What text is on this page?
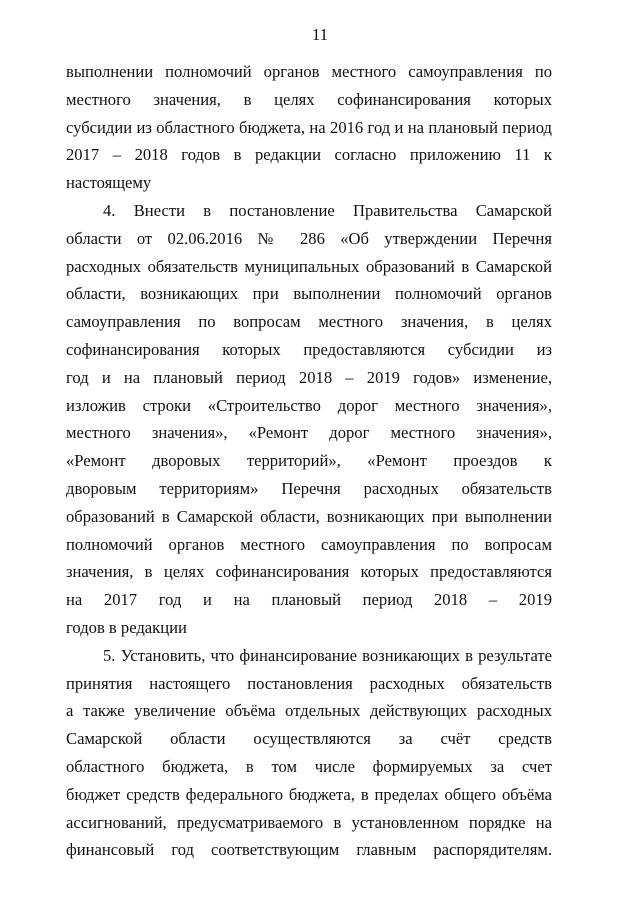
11
выполнении полномочий органов местного самоуправления по
местного значения, в целях софинансирования которых
субсидии из областного бюджета, на 2016 год и на плановый период
2017 – 2018 годов в редакции согласно приложению 11 к
настоящему
4. Внести в постановление Правительства Самарской
области от 02.06.2016 № 286 «Об утверждении Перечня
расходных обязательств муниципальных образований в Самарской
области, возникающих при выполнении полномочий органов
самоуправления по вопросам местного значения, в целях
софинансирования которых предоставляются субсидии из
год и на плановый период 2018 – 2019 годов» изменение,
изложив строки «Строительство дорог местного значения»,
местного значения», «Ремонт дорог местного значения»,
«Ремонт дворовых территорий», «Ремонт проездов к
дворовым территориям» Перечня расходных обязательств
образований в Самарской области, возникающих при выполнении
полномочий органов местного самоуправления по вопросам
значения, в целях софинансирования которых предоставляются
на 2017 год и на плановый период 2018 – 2019
годов в редакции
5. Установить, что финансирование возникающих в результате
принятия настоящего постановления расходных обязательств
а также увеличение объёма отдельных действующих расходных
Самарской области осуществляются за счёт средств
областного бюджета, в том числе формируемых за счет
бюджет средств федерального бюджета, в пределах общего объёма
ассигнований, предусматриваемого в установленном порядке на
финансовый год соответствующим главным распорядителям.
